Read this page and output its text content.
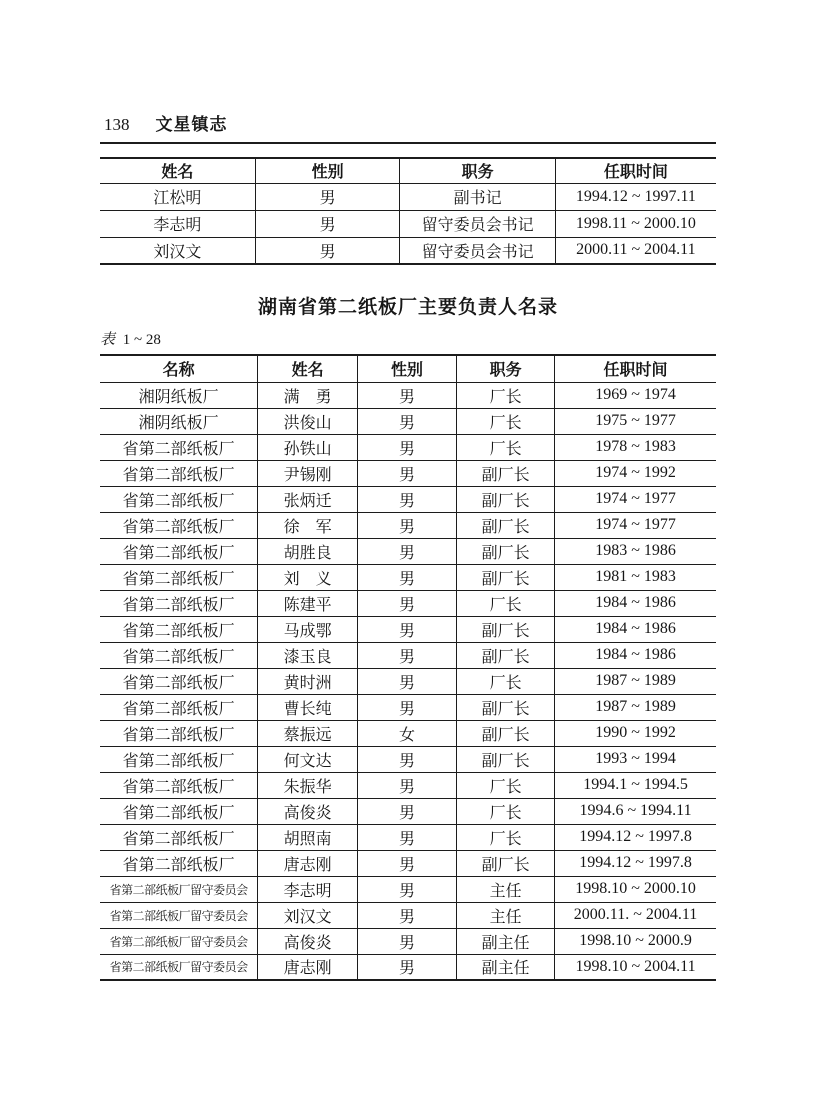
138 文星镇志
姓名	性别	职务	任职时间
江松明	男	副书记	1994.12 ~ 1997.11
李志明	男	留守委员会书记	1998.11 ~ 2000.10
刘汉文	男	留守委员会书记	2000.11 ~ 2004.11
湖南省第二纸板厂主要负责人名录
表 1 ~ 28
名称	姓名	性别	职务	任职时间
湘阴纸板厂	满　勇	男	厂长	1969 ~ 1974
湘阴纸板厂	洪俊山	男	厂长	1975 ~ 1977
省第二部纸板厂	孙铁山	男	厂长	1978 ~ 1983
省第二部纸板厂	尹锡刚	男	副厂长	1974 ~ 1992
省第二部纸板厂	张炳迁	男	副厂长	1974 ~ 1977
省第二部纸板厂	徐　军	男	副厂长	1974 ~ 1977
省第二部纸板厂	胡胜良	男	副厂长	1983 ~ 1986
省第二部纸板厂	刘　义	男	副厂长	1981 ~ 1983
省第二部纸板厂	陈建平	男	厂长	1984 ~ 1986
省第二部纸板厂	马成鄂	男	副厂长	1984 ~ 1986
省第二部纸板厂	漆玉良	男	副厂长	1984 ~ 1986
省第二部纸板厂	黄时洲	男	厂长	1987 ~ 1989
省第二部纸板厂	曹长纯	男	副厂长	1987 ~ 1989
省第二部纸板厂	蔡振远	女	副厂长	1990 ~ 1992
省第二部纸板厂	何文达	男	副厂长	1993 ~ 1994
省第二部纸板厂	朱振华	男	厂长	1994.1 ~ 1994.5
省第二部纸板厂	高俊炎	男	厂长	1994.6 ~ 1994.11
省第二部纸板厂	胡照南	男	厂长	1994.12 ~ 1997.8
省第二部纸板厂	唐志刚	男	副厂长	1994.12 ~ 1997.8
省第二部纸板厂留守委员会	李志明	男	主任	1998.10 ~ 2000.10
省第二部纸板厂留守委员会	刘汉文	男	主任	2000.11. ~ 2004.11
省第二部纸板厂留守委员会	高俊炎	男	副主任	1998.10 ~ 2000.9
省第二部纸板厂留守委员会	唐志刚	男	副主任	1998.10 ~ 2004.11
